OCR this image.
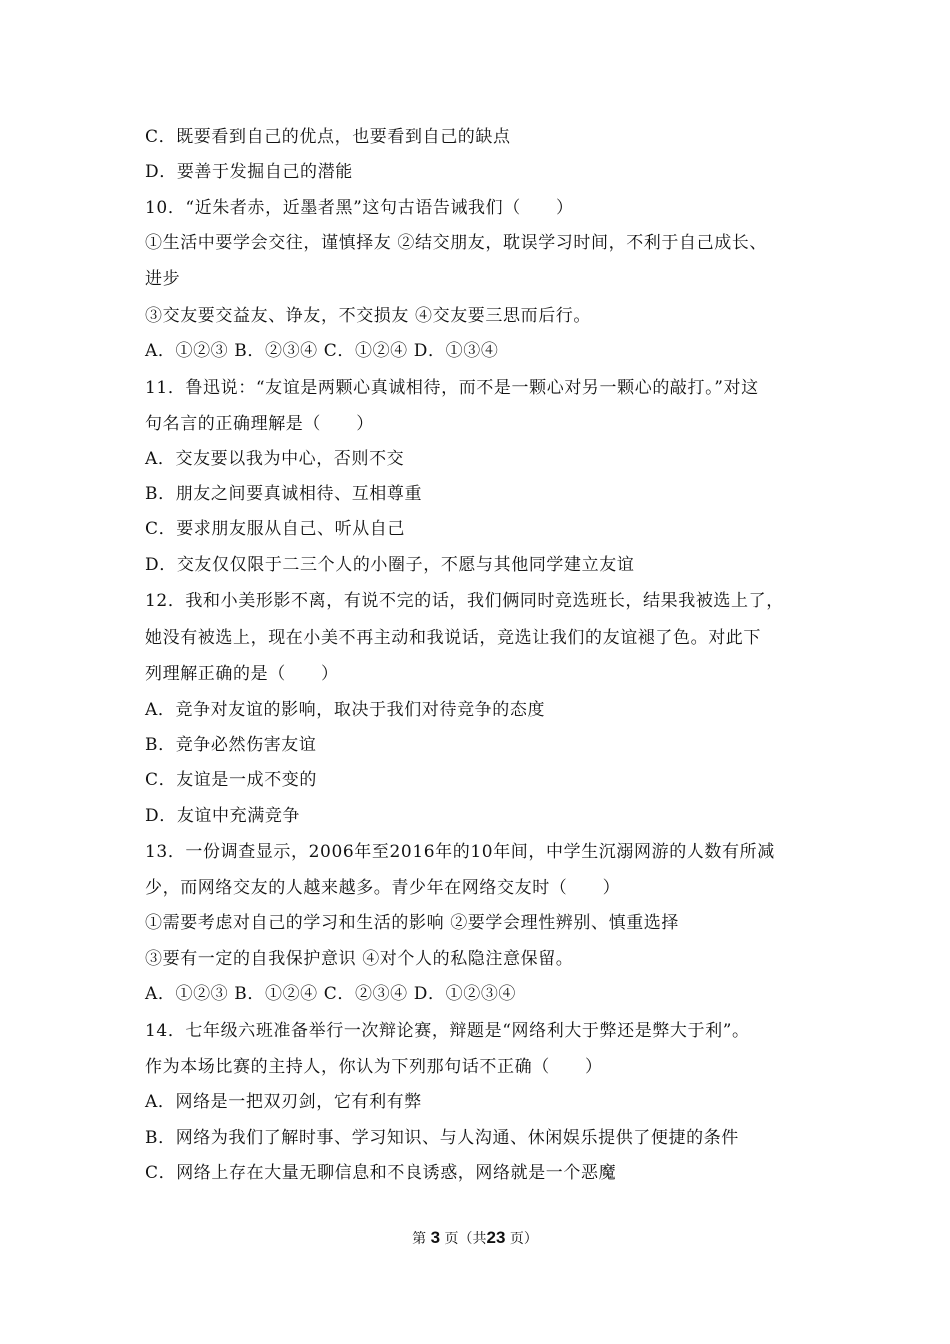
C．既要看到自己的优点，也要看到自己的缺点
D．要善于发掘自己的潜能
10．“近朱者赤，近墨者黑”这句古语告诫我们（　　）
①生活中要学会交往，谨慎择友 ②结交朋友，耽误学习时间，不利于自己成长、
进步
③交友要交益友、诤友，不交损友 ④交友要三思而后行。
A．①②③ B．②③④ C．①②④ D．①③④
11．鲁迅说：“友谊是两颗心真诚相待，而不是一颗心对另一颗心的敲打。”对这
句名言的正确理解是（　　）
A．交友要以我为中心，否则不交
B．朋友之间要真诚相待、互相尊重
C．要求朋友服从自己、听从自己
D．交友仅仅限于二三个人的小圈子，不愿与其他同学建立友谊
12．我和小美形影不离，有说不完的话，我们俩同时竞选班长，结果我被选上了，
她没有被选上，现在小美不再主动和我说话，竞选让我们的友谊褪了色。对此下
列理解正确的是（　　）
A．竞争对友谊的影响，取决于我们对待竞争的态度
B．竞争必然伤害友谊
C．友谊是一成不变的
D．友谊中充满竞争
13．一份调查显示，2006年至2016年的10年间，中学生沉溺网游的人数有所减
少，而网络交友的人越来越多。青少年在网络交友时（　　）
①需要考虑对自己的学习和生活的影响 ②要学会理性辨别、慎重选择
③要有一定的自我保护意识 ④对个人的私隐注意保留。
A．①②③ B．①②④ C．②③④ D．①②③④
14．七年级六班准备举行一次辩论赛，辩题是“网络利大于弊还是弊大于利”。
作为本场比赛的主持人，你认为下列那句话不正确（　　）
A．网络是一把双刃剑，它有利有弊
B．网络为我们了解时事、学习知识、与人沟通、休闲娱乐提供了便捷的条件
C．网络上存在大量无聊信息和不良诱惑，网络就是一个恶魔
第 3 页（共23 页）
